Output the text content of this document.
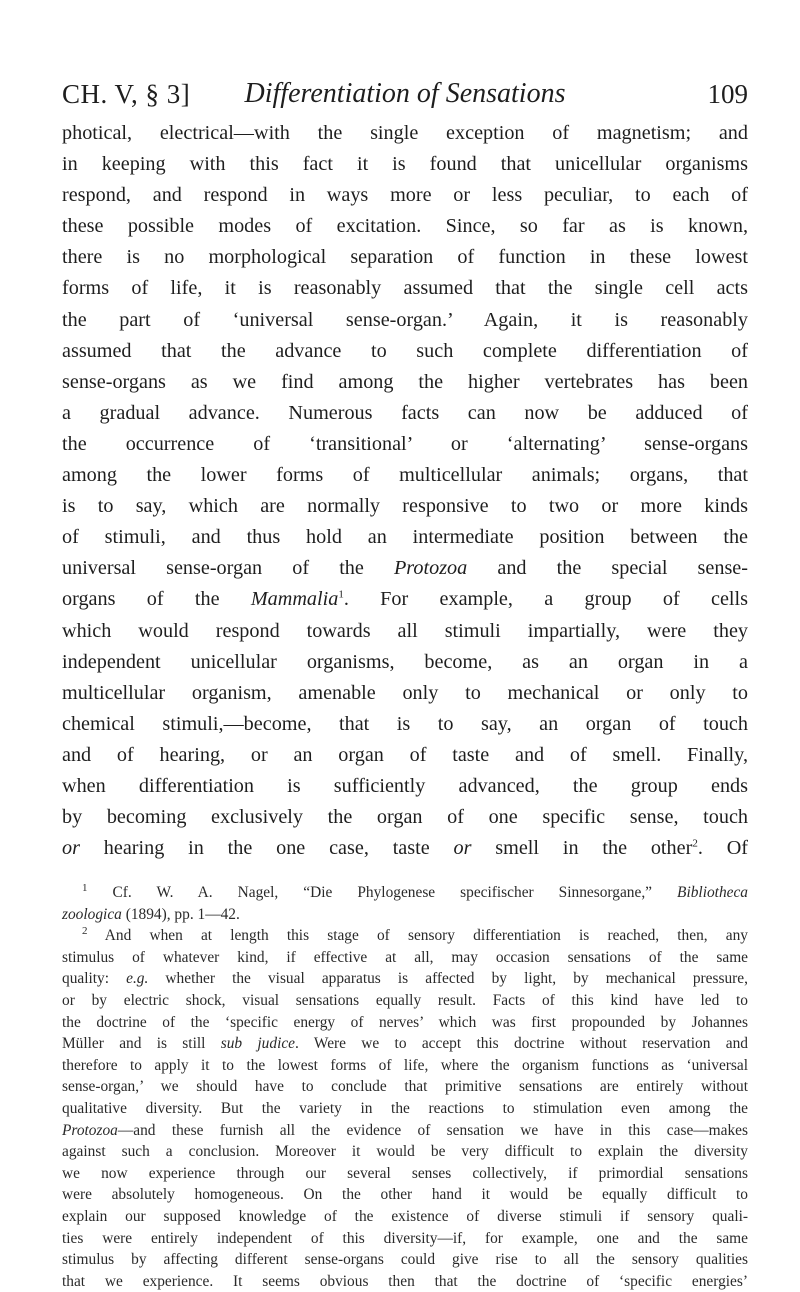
CH. V, § 3] Differentiation of Sensations	109
photical, electrical—with the single exception of magnetism; and
in keeping with this fact it is found that unicellular organisms
respond, and respond in ways more or less peculiar, to each of
these possible modes of excitation. Since, so far as is known,
there is no morphological separation of function in these lowest
forms of life, it is reasonably assumed that the single cell acts
the part of ‘universal sense-organ.’ Again, it is reasonably
assumed that the advance to such complete differentiation of
sense-organs as we find among the higher vertebrates has been
a gradual advance. Numerous facts can now be adduced of
the occurrence of ‘transitional’ or ‘alternating’ sense-organs
among the lower forms of multicellular animals; organs, that
is to say, which are normally responsive to two or more kinds
of stimuli, and thus hold an intermediate position between the
universal sense-organ of the Protozoa and the special sense-
organs of the Mammalia$^1$. For example, a group of cells
which would respond towards all stimuli impartially, were they
independent unicellular organisms, become, as an organ in a
multicellular organism, amenable only to mechanical or only to
chemical stimuli,—become, that is to say, an organ of touch
and of hearing, or an organ of taste and of smell. Finally,
when differentiation is sufficiently advanced, the group ends
by becoming exclusively the organ of one specific sense, touch
or hearing in the one case, taste or smell in the other$^2$. Of
$^1$ Cf. W. A. Nagel, “Die Phylogenese specifischer Sinnesorgane,” Bibliotheca
zoologica (1894), pp. 1—42.
$^2$ And when at length this stage of sensory differentiation is reached, then, any
stimulus of whatever kind, if effective at all, may occasion sensations of the same
quality: e.g. whether the visual apparatus is affected by light, by mechanical pressure,
or by electric shock, visual sensations equally result. Facts of this kind have led to
the doctrine of the ‘specific energy of nerves’ which was first propounded by Johannes
Müller and is still sub judice. Were we to accept this doctrine without reservation and
therefore to apply it to the lowest forms of life, where the organism functions as ‘universal
sense-organ,’ we should have to conclude that primitive sensations are entirely without
qualitative diversity. But the variety in the reactions to stimulation even among the
Protozoa—and these furnish all the evidence of sensation we have in this case—makes
against such a conclusion. Moreover it would be very difficult to explain the diversity
we now experience through our several senses collectively, if primordial sensations
were absolutely homogeneous. On the other hand it would be equally difficult to
explain our supposed knowledge of the existence of diverse stimuli if sensory quali-
ties were entirely independent of this diversity—if, for example, one and the same
stimulus by affecting different sense-organs could give rise to all the sensory qualities
that we experience. It seems obvious then that the doctrine of ‘specific energies’
